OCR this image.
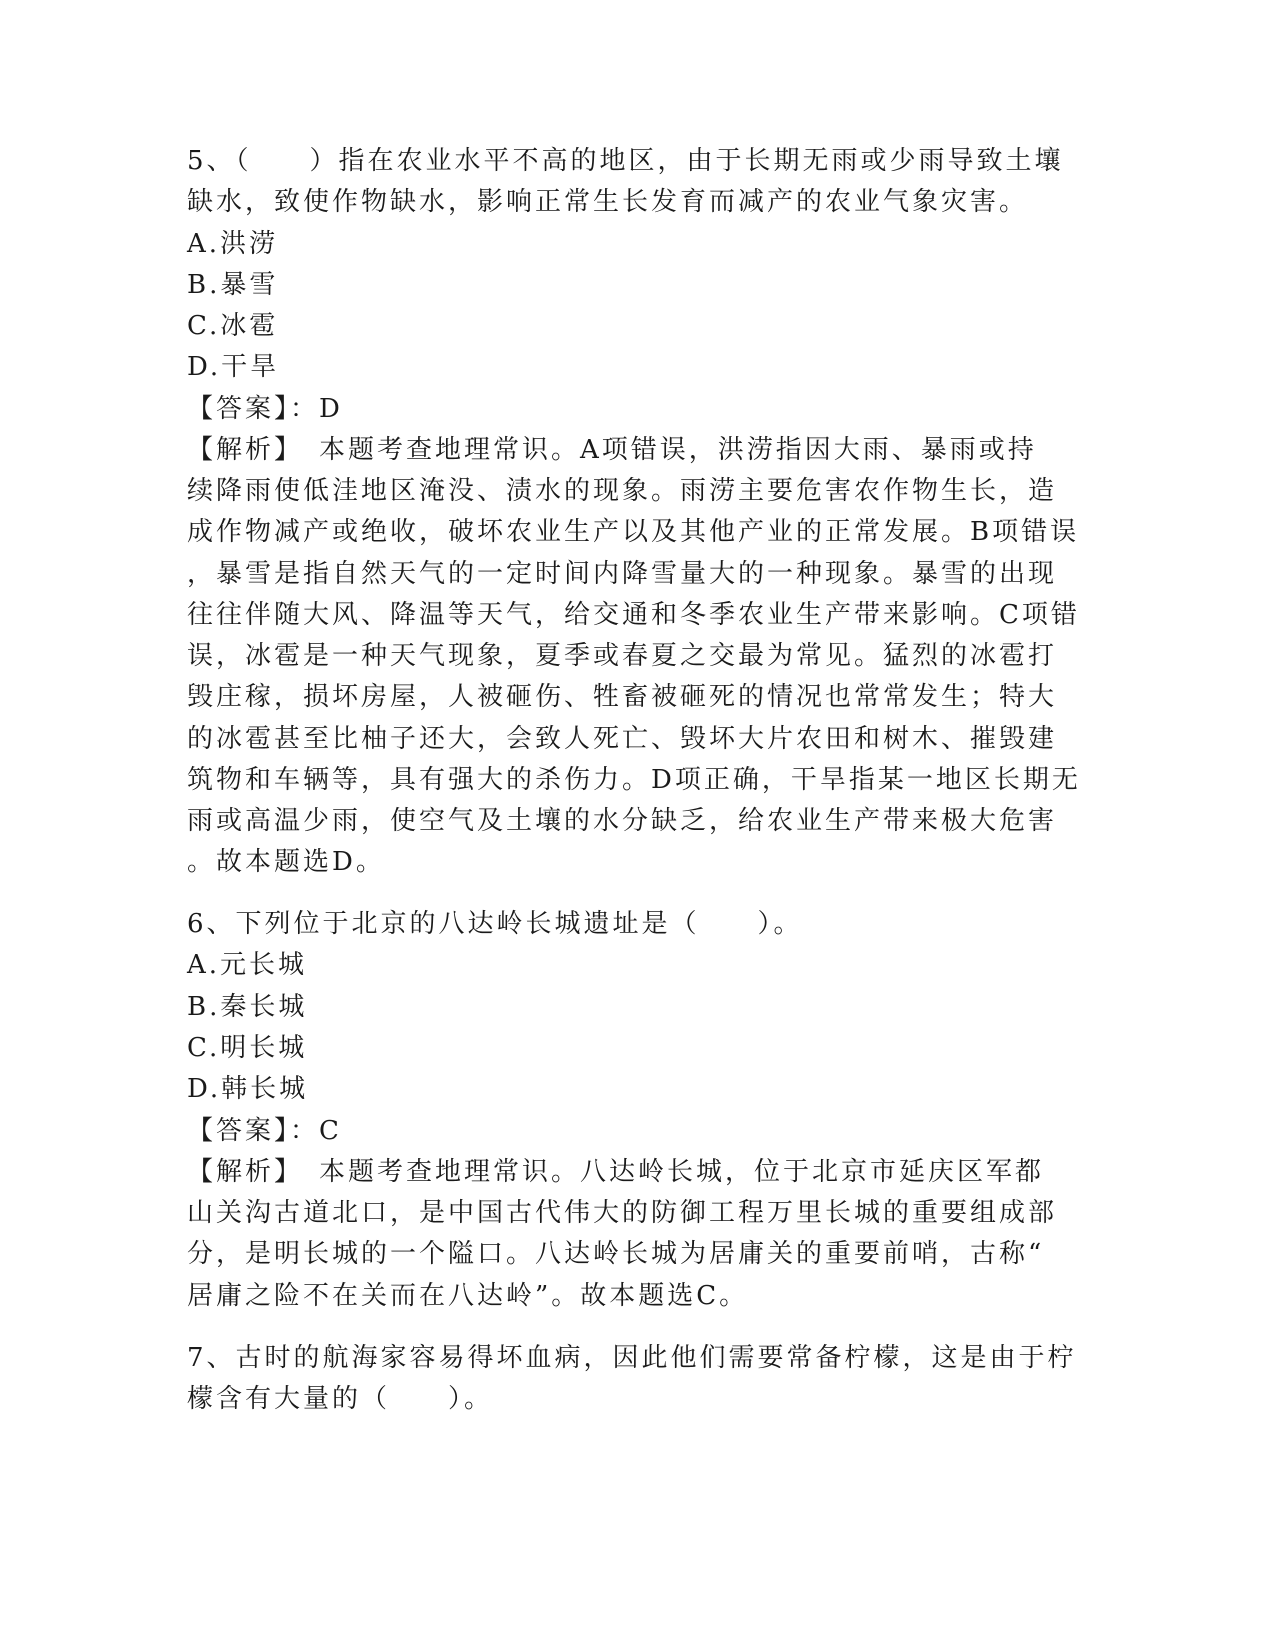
5、（　　）指在农业水平不高的地区，由于长期无雨或少雨导致土壤
缺水，致使作物缺水，影响正常生长发育而减产的农业气象灾害。
A.洪涝
B.暴雪
C.冰雹
D.干旱
【答案】：D
【解析】　本题考查地理常识。A项错误，洪涝指因大雨、暴雨或持
续降雨使低洼地区淹没、渍水的现象。雨涝主要危害农作物生长，造
成作物减产或绝收，破坏农业生产以及其他产业的正常发展。B项错误
，暴雪是指自然天气的一定时间内降雪量大的一种现象。暴雪的出现
往往伴随大风、降温等天气，给交通和冬季农业生产带来影响。C项错
误，冰雹是一种天气现象，夏季或春夏之交最为常见。猛烈的冰雹打
毁庄稼，损坏房屋，人被砸伤、牲畜被砸死的情况也常常发生；特大
的冰雹甚至比柚子还大，会致人死亡、毁坏大片农田和树木、摧毁建
筑物和车辆等，具有强大的杀伤力。D项正确，干旱指某一地区长期无
雨或高温少雨，使空气及土壤的水分缺乏，给农业生产带来极大危害
。故本题选D。
6、下列位于北京的八达岭长城遗址是（　　）。
A.元长城
B.秦长城
C.明长城
D.韩长城
【答案】：C
【解析】　本题考查地理常识。八达岭长城，位于北京市延庆区军都
山关沟古道北口，是中国古代伟大的防御工程万里长城的重要组成部
分，是明长城的一个隘口。八达岭长城为居庸关的重要前哨，古称“
居庸之险不在关而在八达岭”。故本题选C。
7、古时的航海家容易得坏血病，因此他们需要常备柠檬，这是由于柠
檬含有大量的（　　）。
